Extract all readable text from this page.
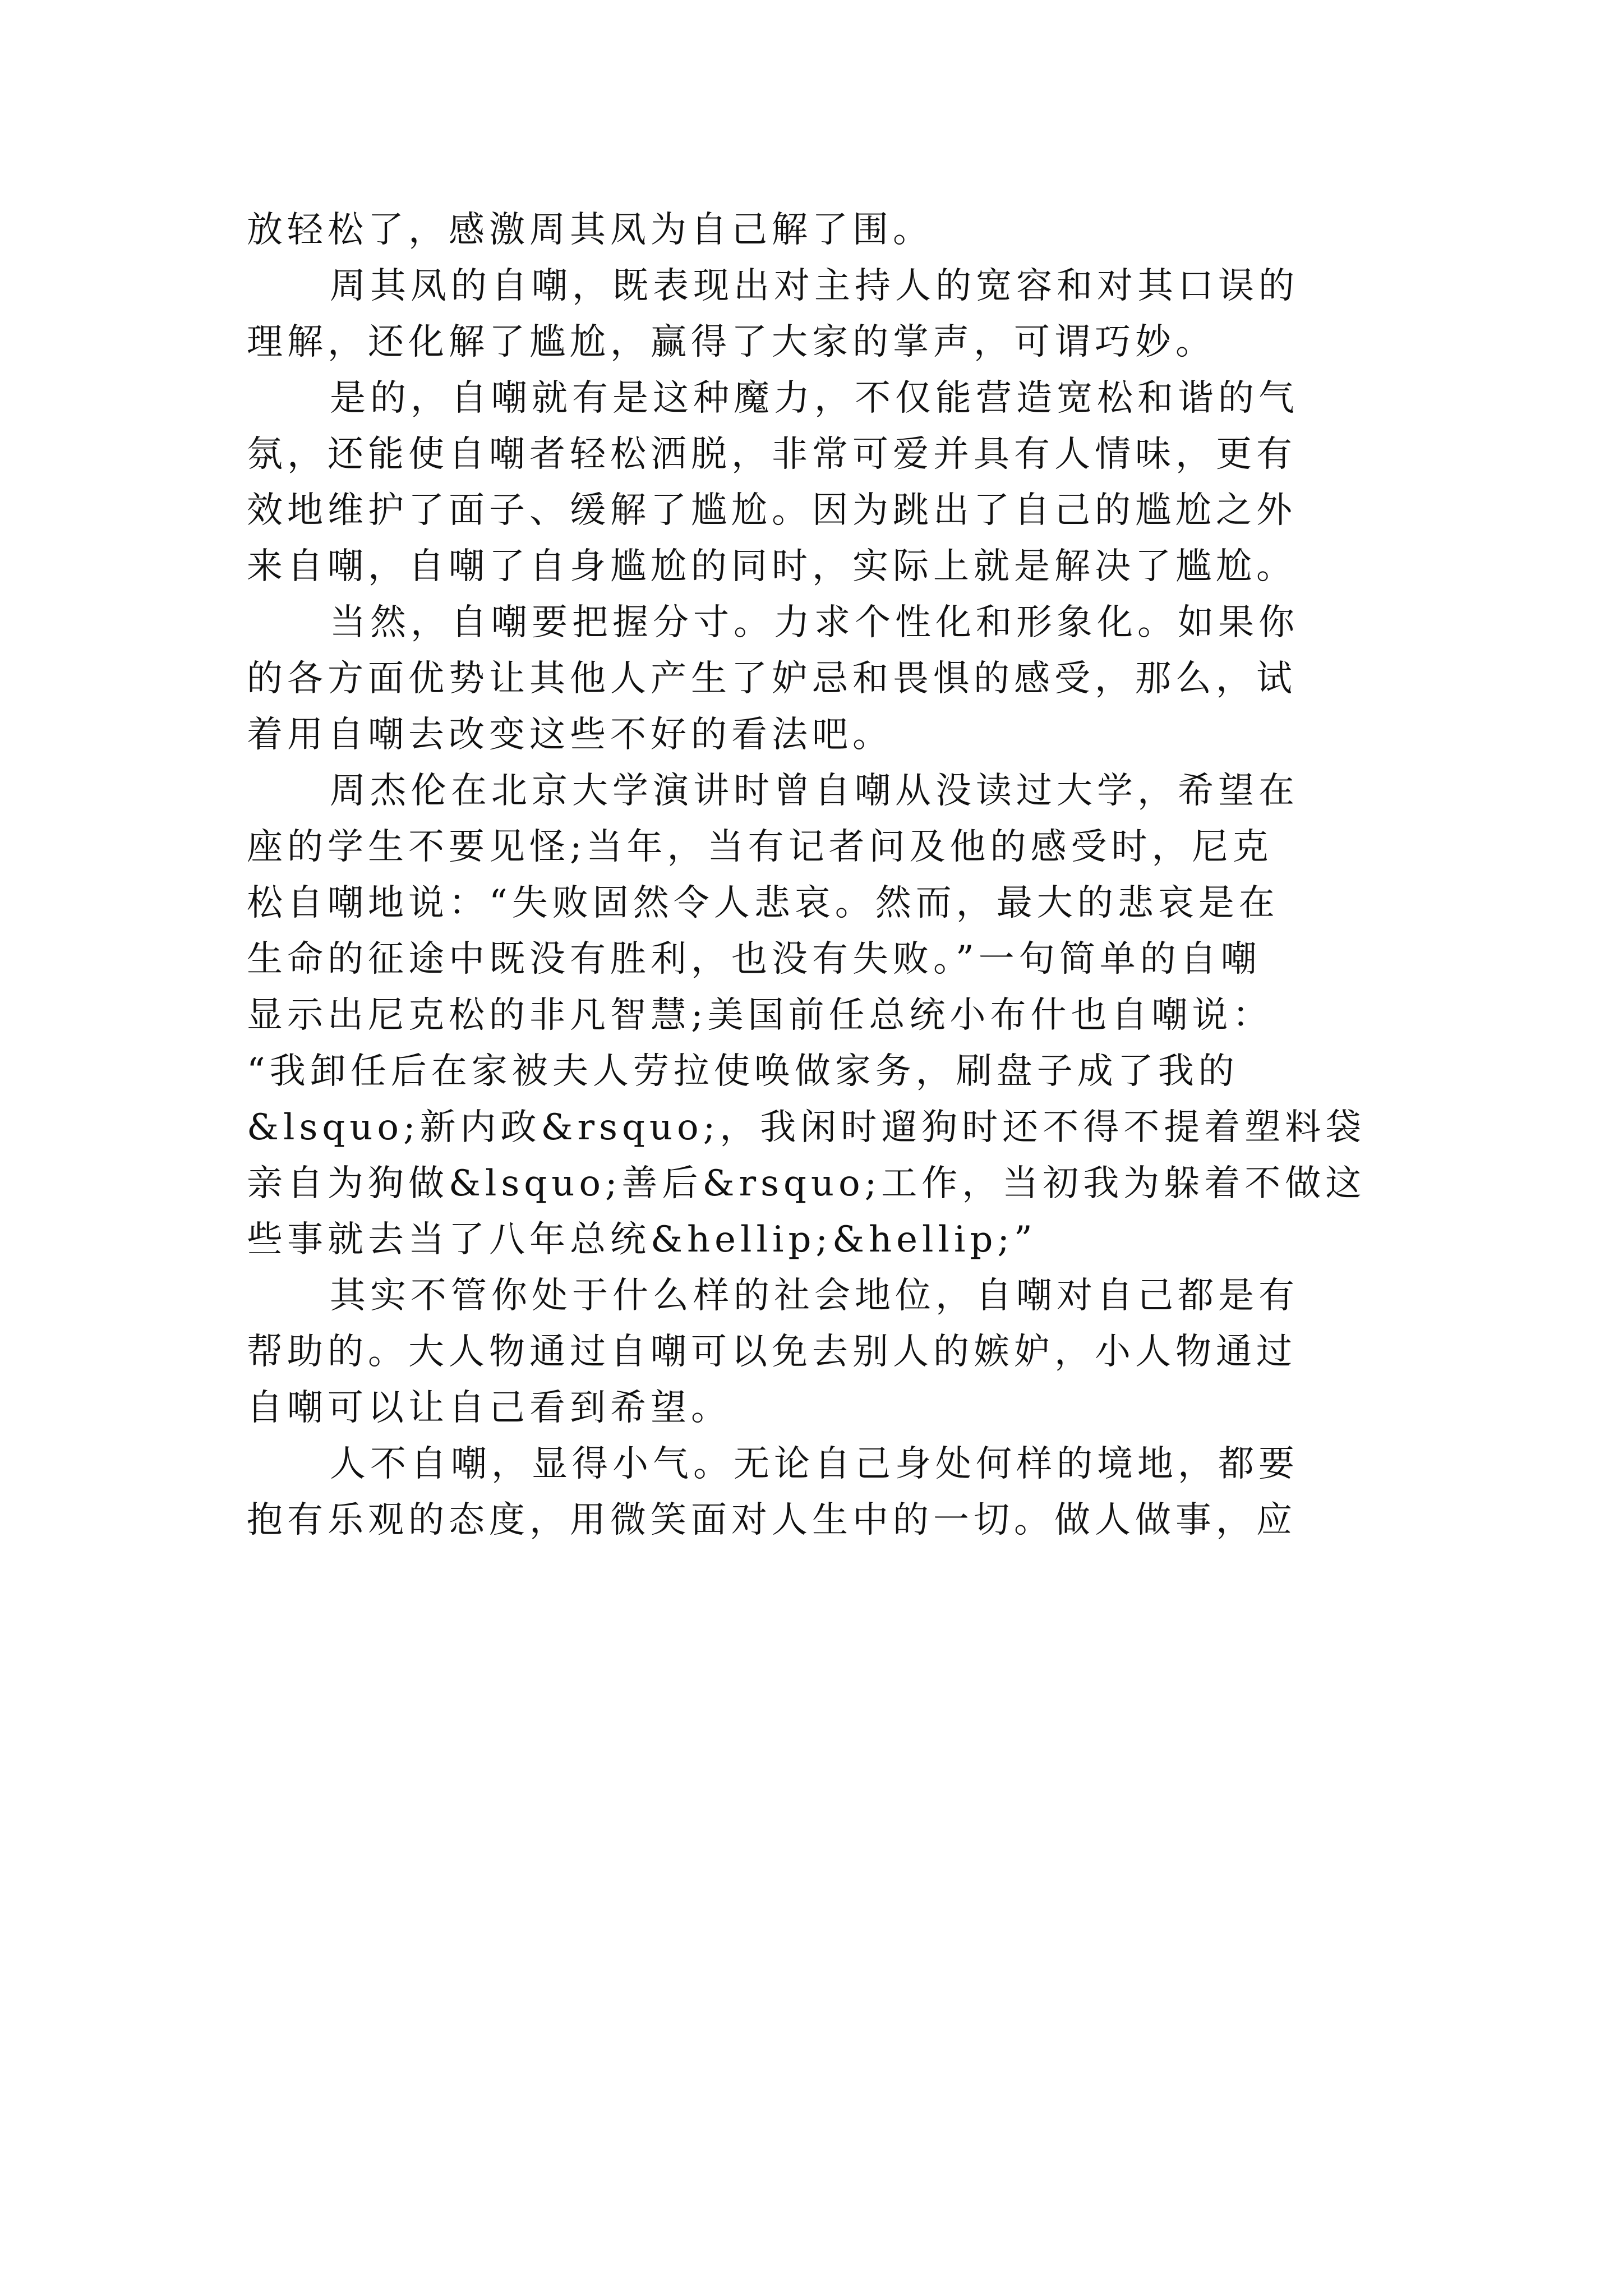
放轻松了，感激周其凤为自己解了围。
周其凤的自嘲，既表现出对主持人的宽容和对其口误的
理解，还化解了尴尬，赢得了大家的掌声，可谓巧妙。
是的，自嘲就有是这种魔力，不仅能营造宽松和谐的气
氛，还能使自嘲者轻松洒脱，非常可爱并具有人情味，更有
效地维护了面子、缓解了尴尬。因为跳出了自己的尴尬之外
来自嘲，自嘲了自身尴尬的同时，实际上就是解决了尴尬。
当然，自嘲要把握分寸。力求个性化和形象化。如果你
的各方面优势让其他人产生了妒忌和畏惧的感受，那么，试
着用自嘲去改变这些不好的看法吧。
周杰伦在北京大学演讲时曾自嘲从没读过大学，希望在
座的学生不要见怪;当年，当有记者问及他的感受时，尼克
松自嘲地说：“失败固然令人悲哀。然而，最大的悲哀是在
生命的征途中既没有胜利，也没有失败。”一句简单的自嘲
显示出尼克松的非凡智慧;美国前任总统小布什也自嘲说：
“我卸任后在家被夫人劳拉使唤做家务，刷盘子成了我的
&lsquo;新内政&rsquo;，我闲时遛狗时还不得不提着塑料袋
亲自为狗做&lsquo;善后&rsquo;工作，当初我为躲着不做这
些事就去当了八年总统&hellip;&hellip;”
其实不管你处于什么样的社会地位，自嘲对自己都是有
帮助的。大人物通过自嘲可以免去别人的嫉妒，小人物通过
自嘲可以让自己看到希望。
人不自嘲，显得小气。无论自己身处何样的境地，都要
抱有乐观的态度，用微笑面对人生中的一切。做人做事，应
